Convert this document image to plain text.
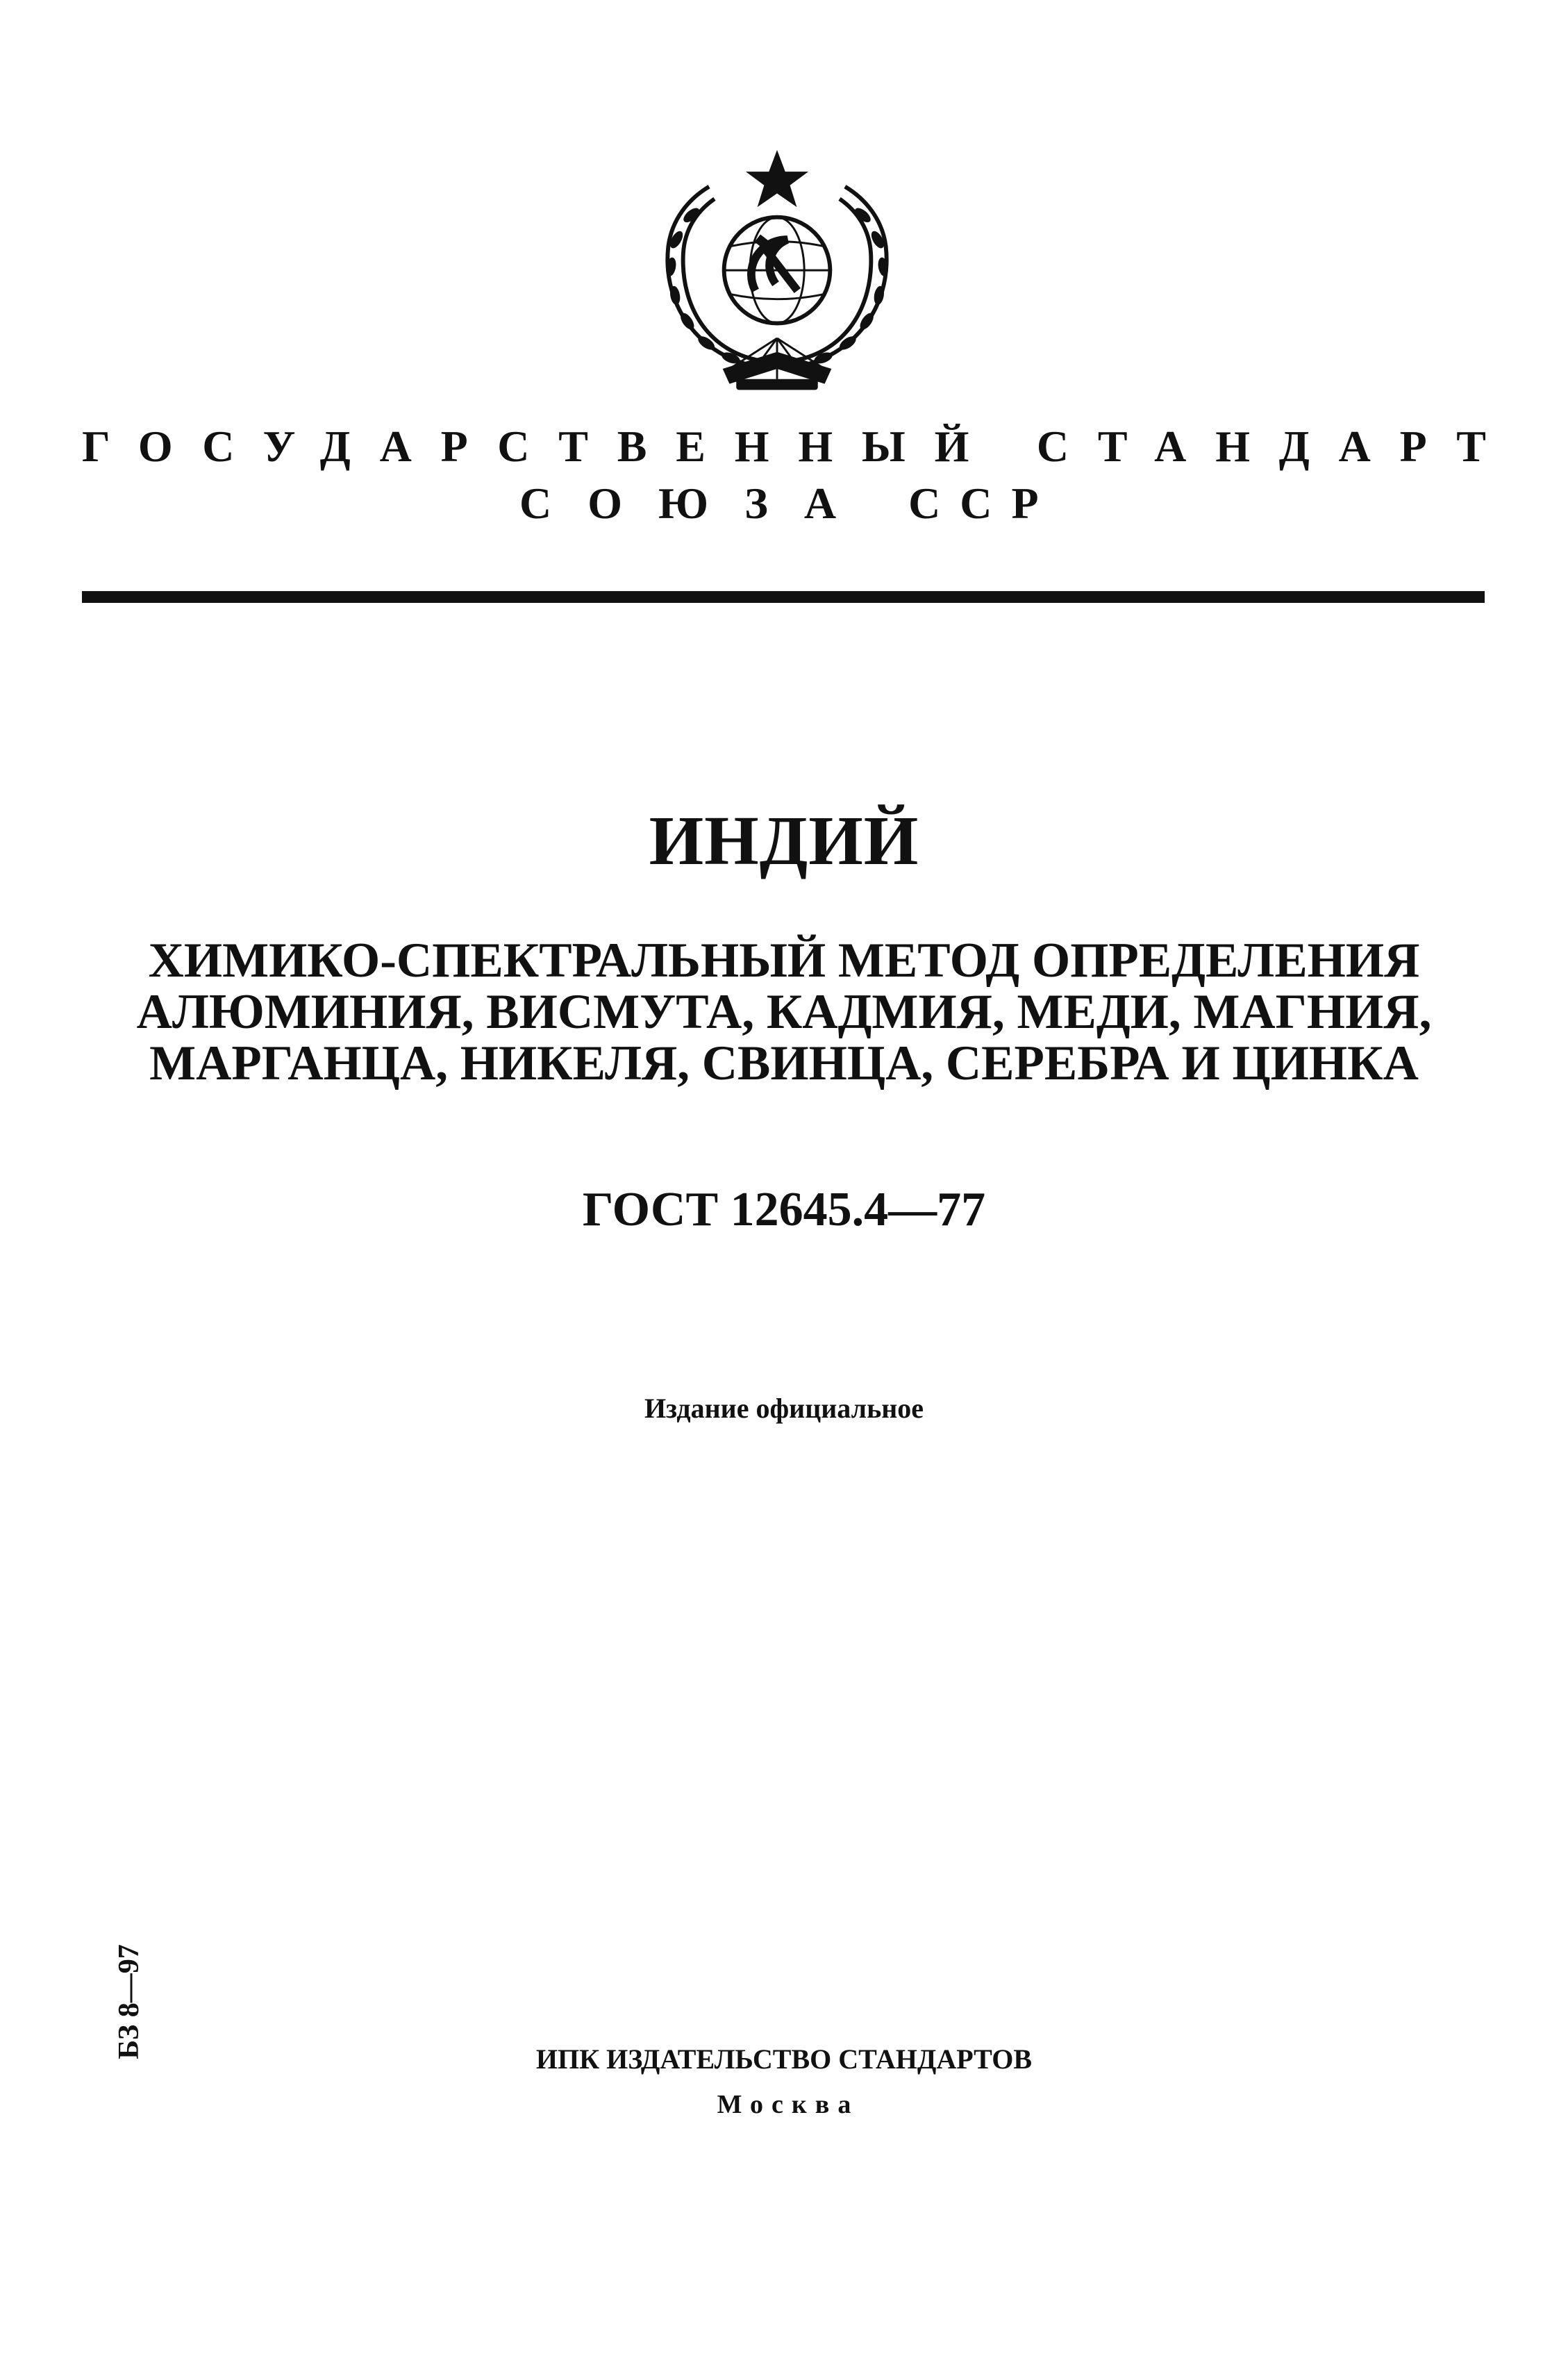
ГОСУДАРСТВЕННЫЙ СТАНДАРТ
СОЮЗА ССР
ИНДИЙ
ХИМИКО-СПЕКТРАЛЬНЫЙ МЕТОД ОПРЕДЕЛЕНИЯ
АЛЮМИНИЯ, ВИСМУТА, КАДМИЯ, МЕДИ, МАГНИЯ,
МАРГАНЦА, НИКЕЛЯ, СВИНЦА, СЕРЕБРА И ЦИНКА
ГОСТ 12645.4—77
Издание официальное
БЗ 8—97	ИПК ИЗДАТЕЛЬСТВО СТАНДАРТОВ
Москва
